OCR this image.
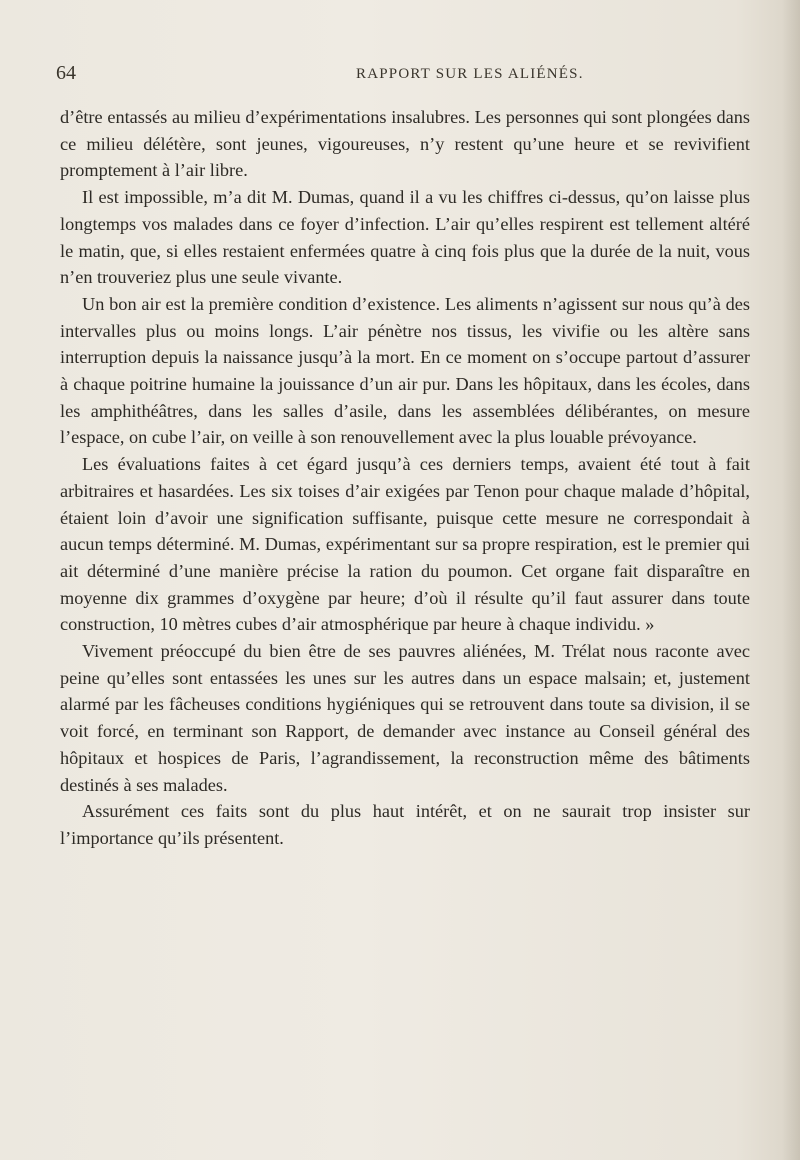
64	RAPPORT SUR LES ALIÉNÉS.

d’être entassés au milieu d’expérimentations insalubres. Les personnes qui sont plongées dans ce milieu délétère, sont jeunes, vigoureuses, n’y restent qu’une heure et se revivifient promptement à l’air libre.

Il est impossible, m’a dit M. Dumas, quand il a vu les chiffres ci-dessus, qu’on laisse plus longtemps vos malades dans ce foyer d’infection. L’air qu’elles respirent est tellement altéré le matin, que, si elles restaient enfermées quatre à cinq fois plus que la durée de la nuit, vous n’en trouveriez plus une seule vivante.

Un bon air est la première condition d’existence. Les aliments n’agissent sur nous qu’à des intervalles plus ou moins longs. L’air pénètre nos tissus, les vivifie ou les altère sans interruption depuis la naissance jusqu’à la mort. En ce moment on s’occupe partout d’assurer à chaque poitrine humaine la jouissance d’un air pur. Dans les hôpitaux, dans les écoles, dans les amphithéâtres, dans les salles d’asile, dans les assemblées délibérantes, on mesure l’espace, on cube l’air, on veille à son renouvellement avec la plus louable prévoyance.

Les évaluations faites à cet égard jusqu’à ces derniers temps, avaient été tout à fait arbitraires et hasardées. Les six toises d’air exigées par Tenon pour chaque malade d’hôpital, étaient loin d’avoir une signification suffisante, puisque cette mesure ne correspondait à aucun temps déterminé. M. Dumas, expérimentant sur sa propre respiration, est le premier qui ait déterminé d’une manière précise la ration du poumon. Cet organe fait disparaître en moyenne dix grammes d’oxygène par heure; d’où il résulte qu’il faut assurer dans toute construction, 10 mètres cubes d’air atmosphérique par heure à chaque individu. »

Vivement préoccupé du bien être de ses pauvres aliénées, M. Trélat nous raconte avec peine qu’elles sont entassées les unes sur les autres dans un espace malsain; et, justement alarmé par les fâcheuses conditions hygiéniques qui se retrouvent dans toute sa division, il se voit forcé, en terminant son Rapport, de demander avec instance au Conseil général des hôpitaux et hospices de Paris, l’agrandissement, la reconstruction même des bâtiments destinés à ses malades.

Assurément ces faits sont du plus haut intérêt, et on ne saurait trop insister sur l’importance qu’ils présentent.
